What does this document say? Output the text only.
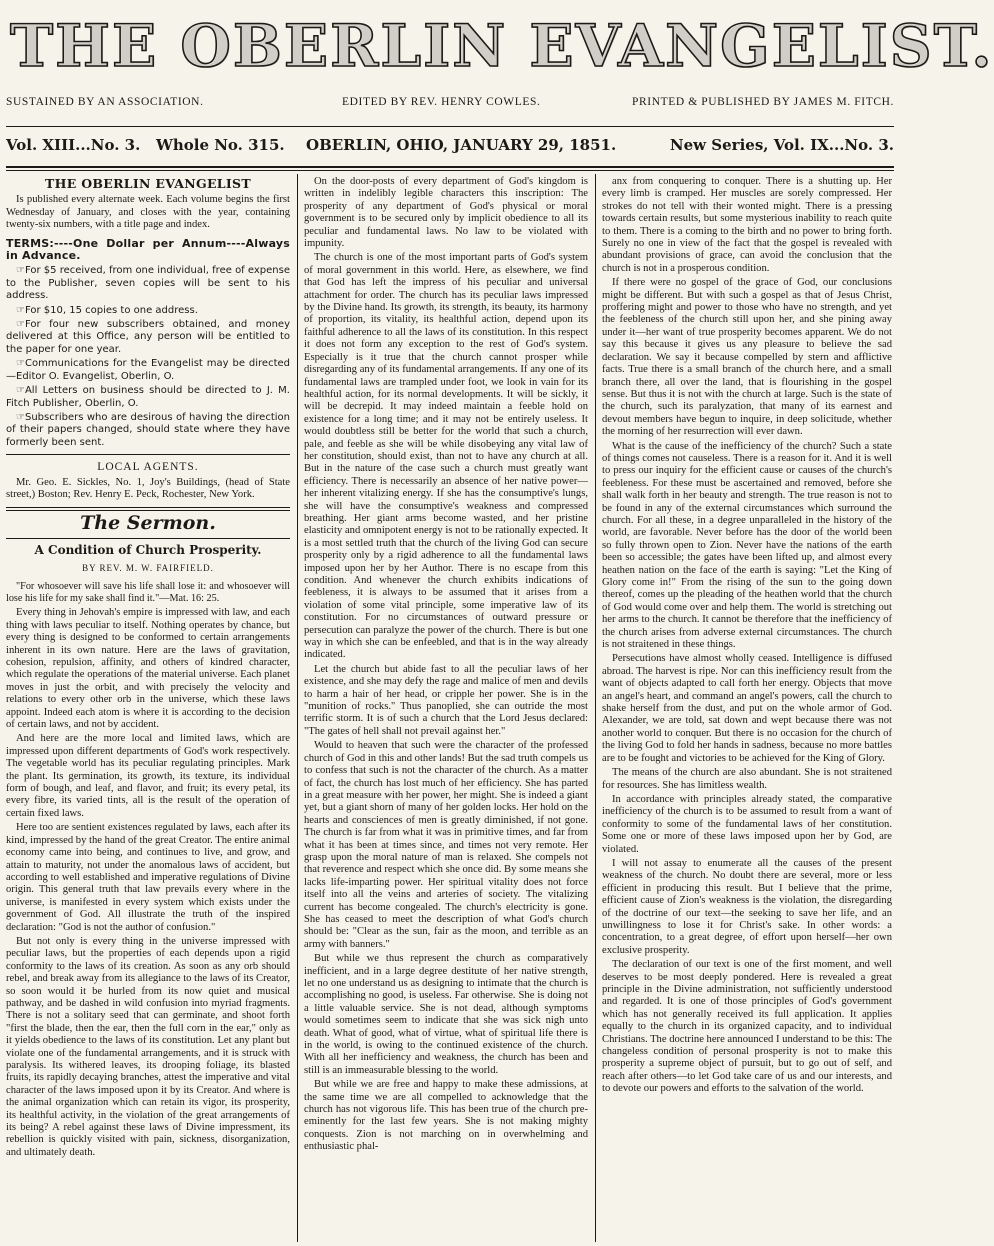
THE OBERLIN EVANGELIST.
SUSTAINED BY AN ASSOCIATION.	EDITED BY REV. HENRY COWLES.	PRINTED & PUBLISHED BY JAMES M. FITCH.
Vol. XIII...No. 3. Whole No. 315. OBERLIN, OHIO, JANUARY 29, 1851.	New Series, Vol. IX...No. 3.
THE OBERLIN EVANGELIST

Is published every alternate week. Each volume begins the first Wednesday of January, and closes with the year, containing twenty-six numbers, with a title page and index.

TERMS:----One Dollar per Annum----Always in Advance.

☞For $5 received, from one individual, free of expense to the Publisher, seven copies will be sent to his address.

☞For $10, 15 copies to one address.

☞For four new subscribers obtained, and money delivered at this Office, any person will be entitled to the paper for one year.

☞Communications for the Evangelist may be directed—Editor O. Evangelist, Oberlin, O.

☞All Letters on business should be directed to J. M. Fitch Publisher, Oberlin, O.

☞Subscribers who are desirous of having the direction of their papers changed, should state where they have formerly been sent.

LOCAL AGENTS.

Mr. Geo. E. Sickles, No. 1, Joy's Buildings, (head of State street,) Boston; Rev. Henry E. Peck, Rochester, New York.

The Sermon.
A Condition of Church Prosperity.
BY REV. M. W. FAIRFIELD.

"For whosoever will save his life shall lose it: and whosoever will lose his life for my sake shall find it."—Mat. 16: 25.

Every thing in Jehovah's empire is impressed with law, and each thing with laws peculiar to itself. Nothing operates by chance, but every thing is designed to be conformed to certain arrangements inherent in its own nature. Here are the laws of gravitation, cohesion, repulsion, affinity, and others of kindred character, which regulate the operations of the material universe. Each planet moves in just the orbit, and with precisely the velocity and relations to every other orb in the universe, which these laws appoint. Indeed each atom is where it is according to the decision of certain laws, and not by accident.

And here are the more local and limited laws, which are impressed upon different departments of God's work respectively. The vegetable world has its peculiar regulating principles. Mark the plant. Its germination, its growth, its texture, its individual form of bough, and leaf, and flavor, and fruit; its every petal, its every fibre, its varied tints, all is the result of the operation of certain fixed laws.

Here too are sentient existences regulated by laws, each after its kind, impressed by the hand of the great Creator. The entire animal economy came into being, and continues to live, and grow, and attain to maturity, not under the anomalous laws of accident, but according to well established and imperative regulations of Divine origin. This general truth that law prevails every where in the universe, is manifested in every system which exists under the government of God. All illustrate the truth of the inspired declaration: "God is not the author of confusion."

But not only is every thing in the universe impressed with peculiar laws, but the properties of each depends upon a rigid conformity to the laws of its creation. As soon as any orb should rebel, and break away from its allegiance to the laws of its Creator, so soon would it be hurled from its now quiet and musical pathway, and be dashed in wild confusion into myriad fragments. There is not a solitary seed that can germinate, and shoot forth "first the blade, then the ear, then the full corn in the ear," only as it yields obedience to the laws of its constitution. Let any plant but violate one of the fundamental arrangements, and it is struck with paralysis. Its withered leaves, its drooping foliage, its blasted fruits, its rapidly decaying branches, attest the imperative and vital character of the laws imposed upon it by its Creator. And where is the animal organization which can retain its vigor, its prosperity, its healthful activity, in the violation of the great arrangements of its being? A rebel against these laws of Divine impressment, its rebellion is quickly visited with pain, sickness, disorganization, and ultimately death.

On the door-posts of every department of God's kingdom is written in indelibly legible characters this inscription: The prosperity of any department of God's physical or moral government is to be secured only by implicit obedience to all its peculiar and fundamental laws. No law to be violated with impunity.

The church is one of the most important parts of God's system of moral government in this world. Here, as elsewhere, we find that God has left the impress of his peculiar and universal attachment for order. The church has its peculiar laws impressed by the Divine hand. Its growth, its strength, its beauty, its harmony of proportion, its vitality, its healthful action, depend upon its faithful adherence to all the laws of its constitution. In this respect it does not form any exception to the rest of God's system. Especially is it true that the church cannot prosper while disregarding any of its fundamental arrangements. If any one of its fundamental laws are trampled under foot, we look in vain for its healthful action, for its normal developments. It will be sickly, it will be decrepid. It may indeed maintain a feeble hold on existence for a long time; and it may not be entirely useless. It would doubtless still be better for the world that such a church, pale, and feeble as she will be while disobeying any vital law of her constitution, should exist, than not to have any church at all. But in the nature of the case such a church must greatly want efficiency. There is necessarily an absence of her native power—her inherent vitalizing energy. If she has the consumptive's lungs, she will have the consumptive's weakness and compressed breathing. Her giant arms become wasted, and her pristine elasticity and omnipotent energy is not to be rationally expected. It is a most settled truth that the church of the living God can secure prosperity only by a rigid adherence to all the fundamental laws imposed upon her by her Author. There is no escape from this condition. And whenever the church exhibits indications of feebleness, it is always to be assumed that it arises from a violation of some vital principle, some imperative law of its constitution. For no circumstances of outward pressure or persecution can paralyze the power of the church. There is but one way in which she can be enfeebled, and that is in the way already indicated.

Let the church but abide fast to all the peculiar laws of her existence, and she may defy the rage and malice of men and devils to harm a hair of her head, or cripple her power. She is in the "munition of rocks." Thus panoplied, she can outride the most terrific storm. It is of such a church that the Lord Jesus declared: "The gates of hell shall not prevail against her."

Would to heaven that such were the character of the professed church of God in this and other lands! But the sad truth compels us to confess that such is not the character of the church. As a matter of fact, the church has lost much of her efficiency. She has parted in a great measure with her power, her might. She is indeed a giant yet, but a giant shorn of many of her golden locks. Her hold on the hearts and consciences of men is greatly diminished, if not gone. The church is far from what it was in primitive times, and far from what it has been at times since, and times not very remote. Her grasp upon the moral nature of man is relaxed. She compels not that reverence and respect which she once did. By some means she lacks life-imparting power. Her spiritual vitality does not force itself into all the veins and arteries of society. The vitalizing current has become congealed. The church's electricity is gone. She has ceased to meet the description of what God's church should be: "Clear as the sun, fair as the moon, and terrible as an army with banners."

But while we thus represent the church as comparatively inefficient, and in a large degree destitute of her native strength, let no one understand us as designing to intimate that the church is accomplishing no good, is useless. Far otherwise. She is doing not a little valuable service. She is not dead, although symptoms would sometimes seem to indicate that she was sick nigh unto death. What of good, what of virtue, what of spiritual life there is in the world, is owing to the continued existence of the church. With all her inefficiency and weakness, the church has been and still is an immeasurable blessing to the world.

But while we are free and happy to make these admissions, at the same time we are all compelled to acknowledge that the church has not vigorous life. This has been true of the church pre-eminently for the last few years. She is not making mighty conquests. Zion is not marching on in overwhelming and enthusiastic phal-

anx from conquering to conquer. There is a shutting up. Her every limb is cramped. Her muscles are sorely compressed. Her strokes do not tell with their wonted might. There is a pressing towards certain results, but some mysterious inability to reach quite to them. There is a coming to the birth and no power to bring forth. Surely no one in view of the fact that the gospel is revealed with abundant provisions of grace, can avoid the conclusion that the church is not in a prosperous condition.

If there were no gospel of the grace of God, our conclusions might be different. But with such a gospel as that of Jesus Christ, proffering might and power to those who have no strength, and yet the feebleness of the church still upon her, and she pining away under it—her want of true prosperity becomes apparent. We do not say this because it gives us any pleasure to believe the sad declaration. We say it because compelled by stern and afflictive facts. True there is a small branch of the church here, and a small branch there, all over the land, that is flourishing in the gospel sense. But thus it is not with the church at large. Such is the state of the church, such its paralyzation, that many of its earnest and devout members have begun to inquire, in deep solicitude, whether the morning of her resurrection will ever dawn.

What is the cause of the inefficiency of the church? Such a state of things comes not causeless. There is a reason for it. And it is well to press our inquiry for the efficient cause or causes of the church's feebleness. For these must be ascertained and removed, before she shall walk forth in her beauty and strength. The true reason is not to be found in any of the external circumstances which surround the church. For all these, in a degree unparalleled in the history of the world, are favorable. Never before has the door of the world been so fully thrown open to Zion. Never have the nations of the earth been so accessible; the gates have been lifted up, and almost every heathen nation on the face of the earth is saying: "Let the King of Glory come in!" From the rising of the sun to the going down thereof, comes up the pleading of the heathen world that the church of God would come over and help them. The world is stretching out her arms to the church. It cannot be therefore that the inefficiency of the church arises from adverse external circumstances. The church is not straitened in these things.

Persecutions have almost wholly ceased. Intelligence is diffused abroad. The harvest is ripe. Nor can this inefficiency result from the want of objects adapted to call forth her energy. Objects that move an angel's heart, and command an angel's powers, call the church to shake herself from the dust, and put on the whole armor of God. Alexander, we are told, sat down and wept because there was not another world to conquer. But there is no occasion for the church of the living God to fold her hands in sadness, because no more battles are to be fought and victories to be achieved for the King of Glory.

The means of the church are also abundant. She is not straitened for resources. She has limitless wealth.

In accordance with principles already stated, the comparative inefficiency of the church is to be assumed to result from a want of conformity to some of the fundamental laws of her constitution. Some one or more of these laws imposed upon her by God, are violated.

I will not assay to enumerate all the causes of the present weakness of the church. No doubt there are several, more or less efficient in producing this result. But I believe that the prime, efficient cause of Zion's weakness is the violation, the disregarding of the doctrine of our text—the seeking to save her life, and an unwillingness to lose it for Christ's sake. In other words: a concentration, to a great degree, of effort upon herself—her own exclusive prosperity.

The declaration of our text is one of the first moment, and well deserves to be most deeply pondered. Here is revealed a great principle in the Divine administration, not sufficiently understood and regarded. It is one of those principles of God's government which has not generally received its full application. It applies equally to the church in its organized capacity, and to individual Christians. The doctrine here announced I understand to be this: The changeless condition of personal prosperity is not to make this prosperity a supreme object of pursuit, but to go out of self, and reach after others—to let God take care of us and our interests, and to devote our powers and efforts to the salvation of the world.
